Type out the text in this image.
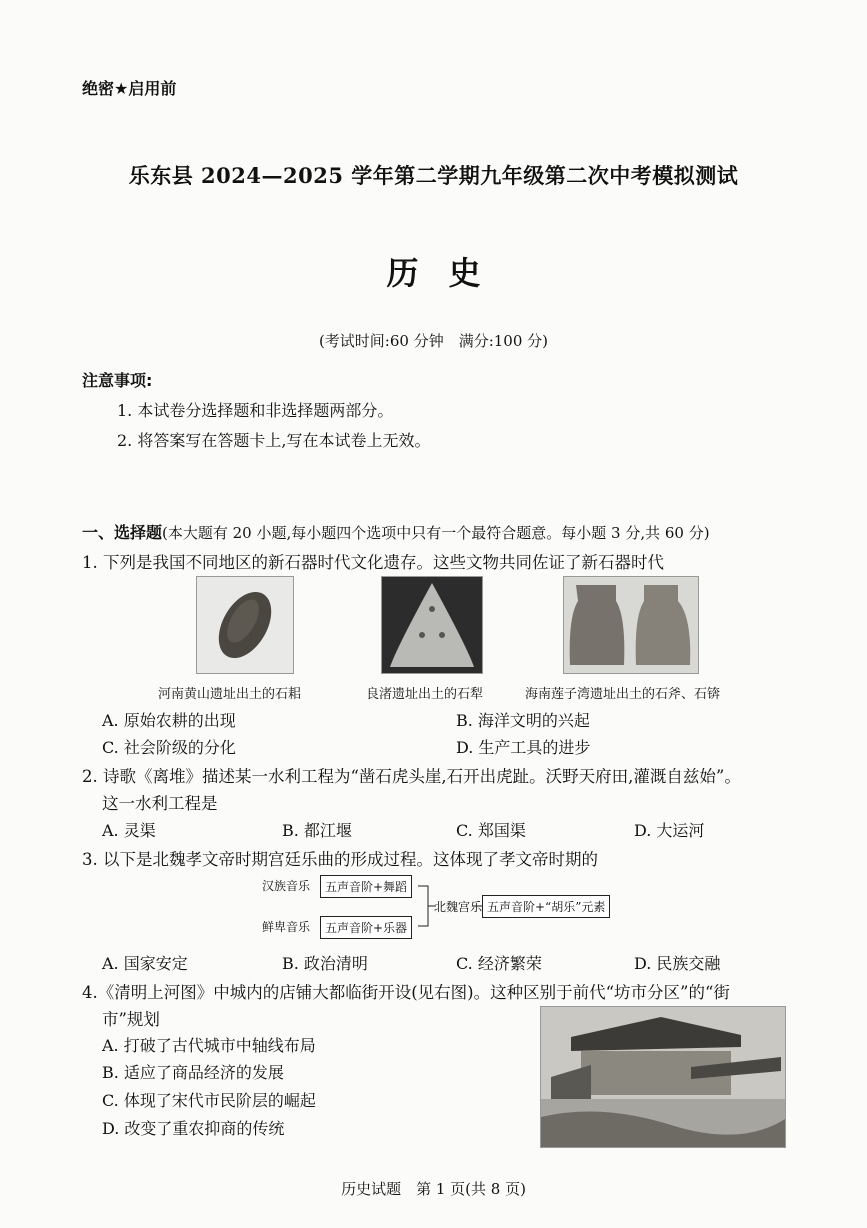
绝密★启用前
乐东县 2024—2025 学年第二学期九年级第二次中考模拟测试
历史
(考试时间:60 分钟　满分:100 分)
注意事项:
1. 本试卷分选择题和非选择题两部分。
2. 将答案写在答题卡上,写在本试卷上无效。
一、选择题(本大题有 20 小题,每小题四个选项中只有一个最符合题意。每小题 3 分,共 60 分)
1. 下列是我国不同地区的新石器时代文化遗存。这些文物共同佐证了新石器时代
河南黄山遗址出土的石耜	良渚遗址出土的石犁	海南莲子湾遗址出土的石斧、石锛
A. 原始农耕的出现	B. 海洋文明的兴起
C. 社会阶级的分化	D. 生产工具的进步
2. 诗歌《离堆》描述某一水利工程为“凿石虎头崖,石开出虎趾。沃野天府田,灌溉自兹始”。
这一水利工程是
A. 灵渠	B. 都江堰	C. 郑国渠	D. 大运河
3. 以下是北魏孝文帝时期宫廷乐曲的形成过程。这体现了孝文帝时期的
汉族音乐	五声音阶+舞蹈
鲜卑音乐	五声音阶+乐器
北魏宫乐 五声音阶+“胡乐”元素
A. 国家安定	B. 政治清明	C. 经济繁荣	D. 民族交融
4.《清明上河图》中城内的店铺大都临街开设(见右图)。这种区别于前代“坊市分区”的“街
市”规划
A. 打破了古代城市中轴线布局
B. 适应了商品经济的发展
C. 体现了宋代市民阶层的崛起
D. 改变了重农抑商的传统
历史试题　第 1 页(共 8 页)
